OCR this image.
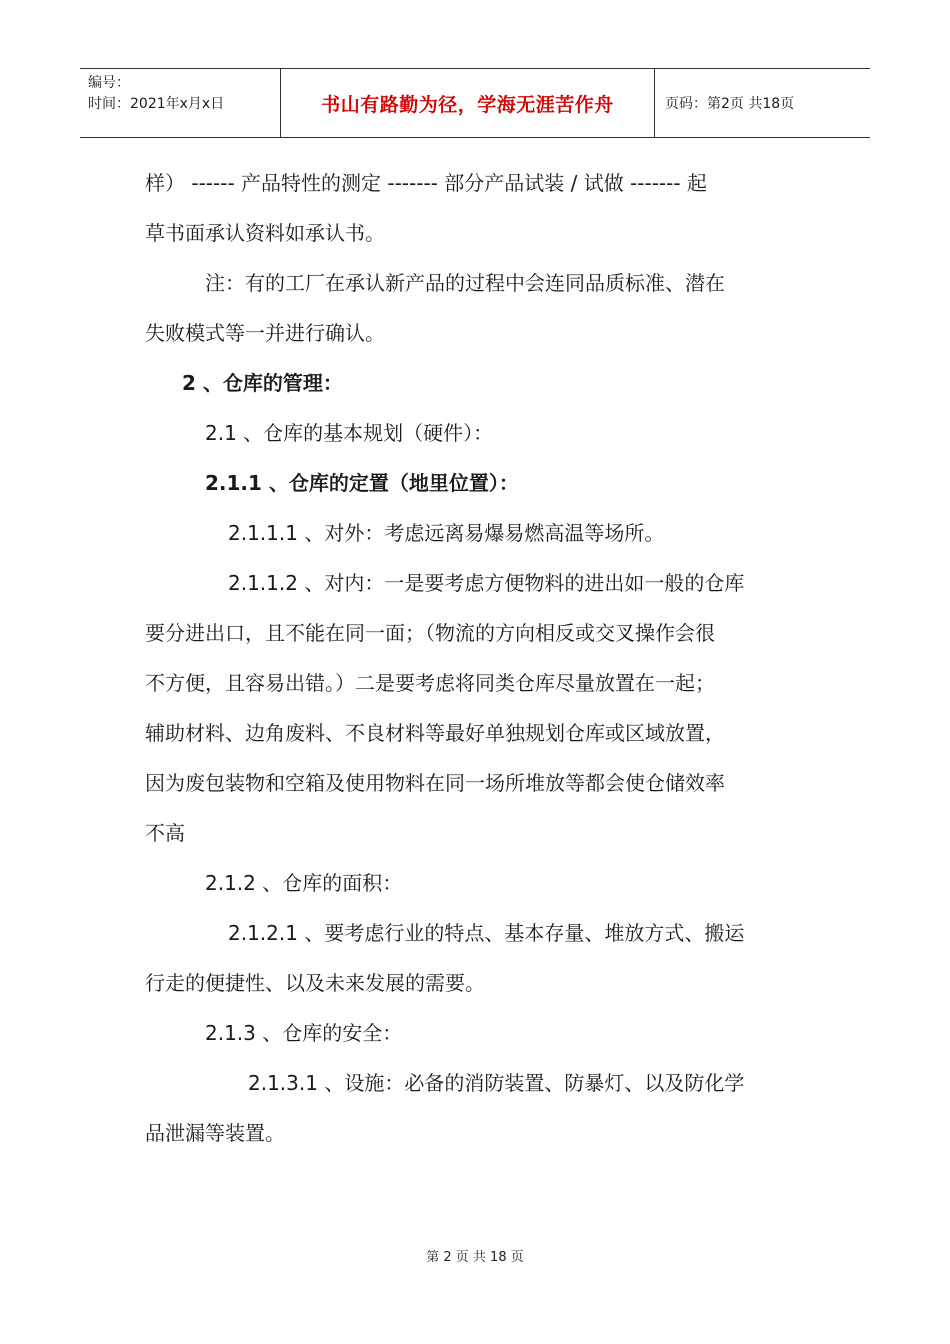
编号：
时间：2021年x月x日	书山有路勤为径，学海无涯苦作舟	页码：第2页 共18页
样） ------ 产品特性的测定 ------- 部分产品试装 / 试做 ------- 起
草书面承认资料如承认书。
注：有的工厂在承认新产品的过程中会连同品质标准、潜在
失败模式等一并进行确认。
2 、仓库的管理：
2.1 、仓库的基本规划（硬件）：
2.1.1 、仓库的定置（地里位置）：
2.1.1.1 、对外：考虑远离易爆易燃高温等场所。
2.1.1.2 、对内：一是要考虑方便物料的进出如一般的仓库
要分进出口，且不能在同一面；（物流的方向相反或交叉操作会很
不方便，且容易出错。）二是要考虑将同类仓库尽量放置在一起；
辅助材料、边角废料、不良材料等最好单独规划仓库或区域放置，
因为废包装物和空箱及使用物料在同一场所堆放等都会使仓储效率
不高
2.1.2 、仓库的面积：
2.1.2.1 、要考虑行业的特点、基本存量、堆放方式、搬运
行走的便捷性、以及未来发展的需要。
2.1.3 、仓库的安全：
2.1.3.1 、设施：必备的消防装置、防暴灯、以及防化学
品泄漏等装置。
第 2 页 共 18 页
